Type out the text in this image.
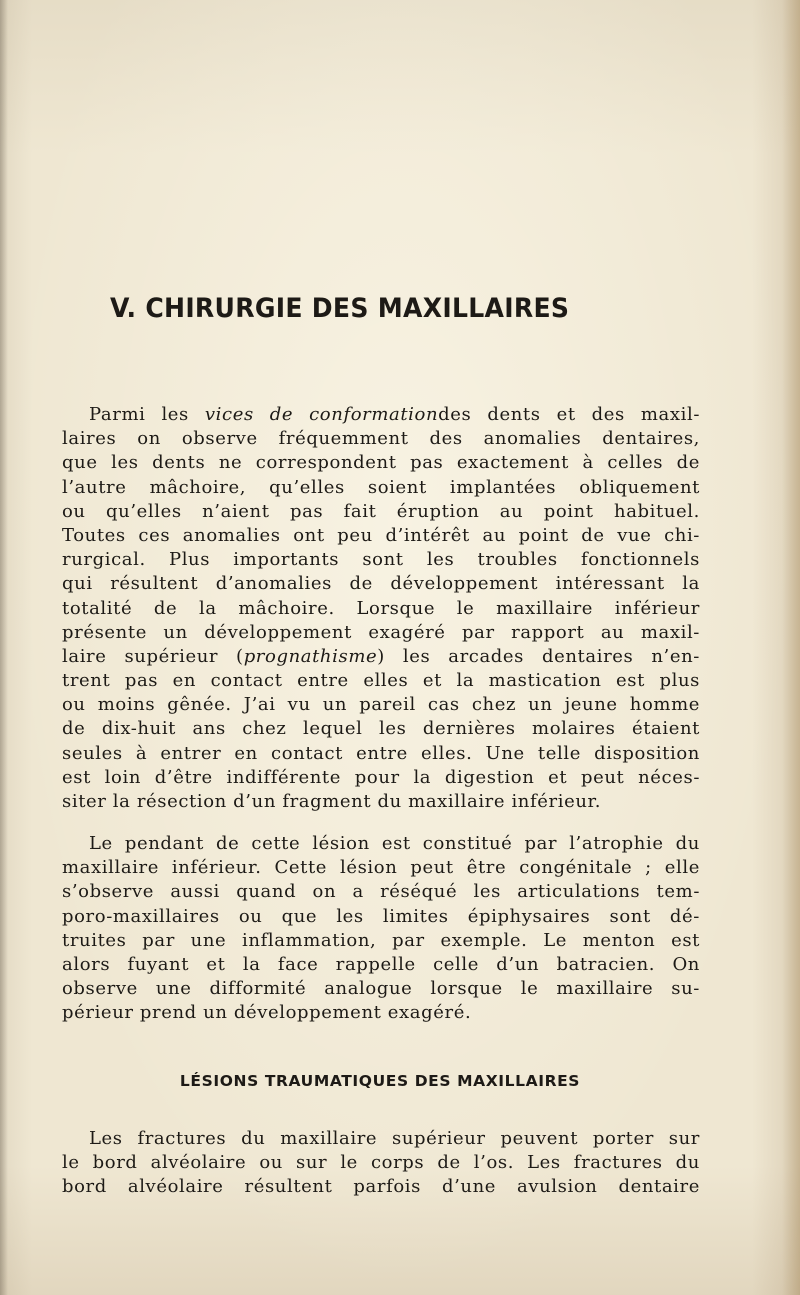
V. CHIRURGIE DES MAXILLAIRES
Parmi les vices de conformationdes dents et des maxil-
laires on observe fréquemment des anomalies dentaires,
que les dents ne correspondent pas exactement à celles de
l’autre mâchoire, qu’elles soient implantées obliquement
ou qu’elles n’aient pas fait éruption au point habituel.
Toutes ces anomalies ont peu d’intérêt au point de vue chi-
rurgical. Plus importants sont les troubles fonctionnels
qui résultent d’anomalies de développement intéressant la
totalité de la mâchoire. Lorsque le maxillaire inférieur
présente un développement exagéré par rapport au maxil-
laire supérieur (prognathisme) les arcades dentaires n’en-
trent pas en contact entre elles et la mastication est plus
ou moins gênée. J’ai vu un pareil cas chez un jeune homme
de dix-huit ans chez lequel les dernières molaires étaient
seules à entrer en contact entre elles. Une telle disposition
est loin d’être indifférente pour la digestion et peut néces-
siter la résection d’un fragment du maxillaire inférieur.
Le pendant de cette lésion est constitué par l’atrophie du
maxillaire inférieur. Cette lésion peut être congénitale ; elle
s’observe aussi quand on a réséqué les articulations tem-
poro-maxillaires ou que les limites épiphysaires sont dé-
truites par une inflammation, par exemple. Le menton est
alors fuyant et la face rappelle celle d’un batracien. On
observe une difformité analogue lorsque le maxillaire su-
périeur prend un développement exagéré.
LÉSIONS TRAUMATIQUES DES MAXILLAIRES
Les fractures du maxillaire supérieur peuvent porter sur
le bord alvéolaire ou sur le corps de l’os. Les fractures du
bord alvéolaire résultent parfois d’une avulsion dentaire
